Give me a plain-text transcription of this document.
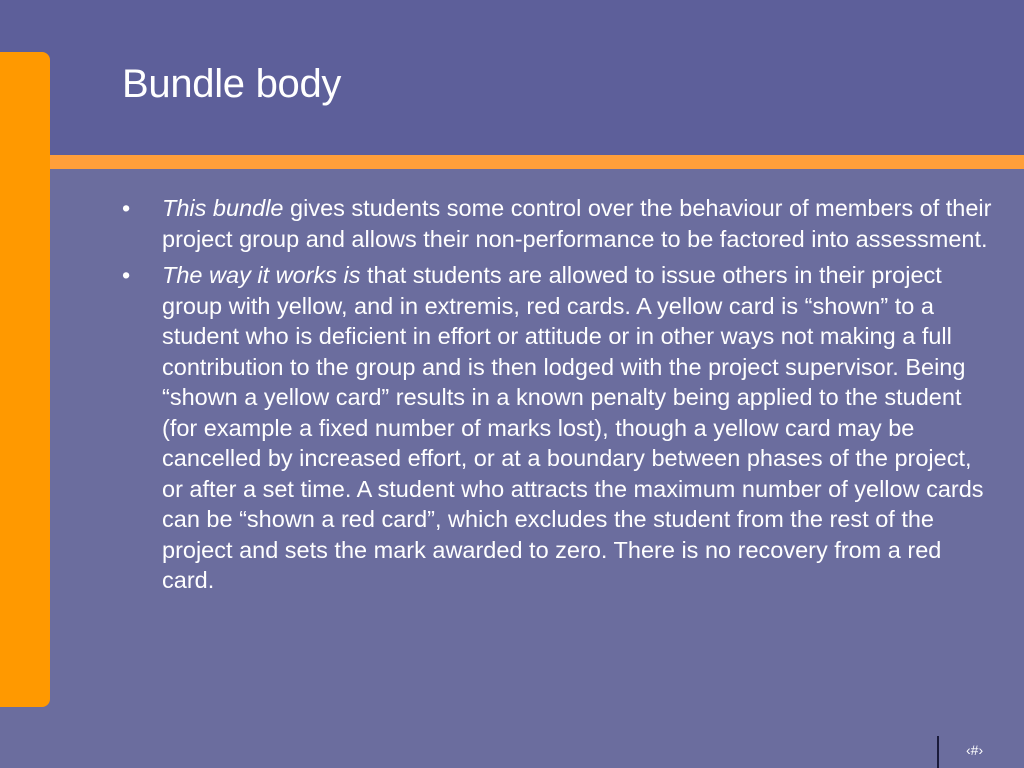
Bundle body
• This bundle gives students some control over the behaviour of members of their project group and allows their non-performance to be factored into assessment.
• The way it works is that students are allowed to issue others in their project group with yellow, and in extremis, red cards. A yellow card is “shown” to a student who is deficient in effort or attitude or in other ways not making a full contribution to the group and is then lodged with the project supervisor. Being “shown a yellow card” results in a known penalty being applied to the student (for example a fixed number of marks lost), though a yellow card may be cancelled by increased effort, or at a boundary between phases of the project, or after a set time. A student who attracts the maximum number of yellow cards can be “shown a red card”, which excludes the student from the rest of the project and sets the mark awarded to zero. There is no recovery from a red card.
‹#›
